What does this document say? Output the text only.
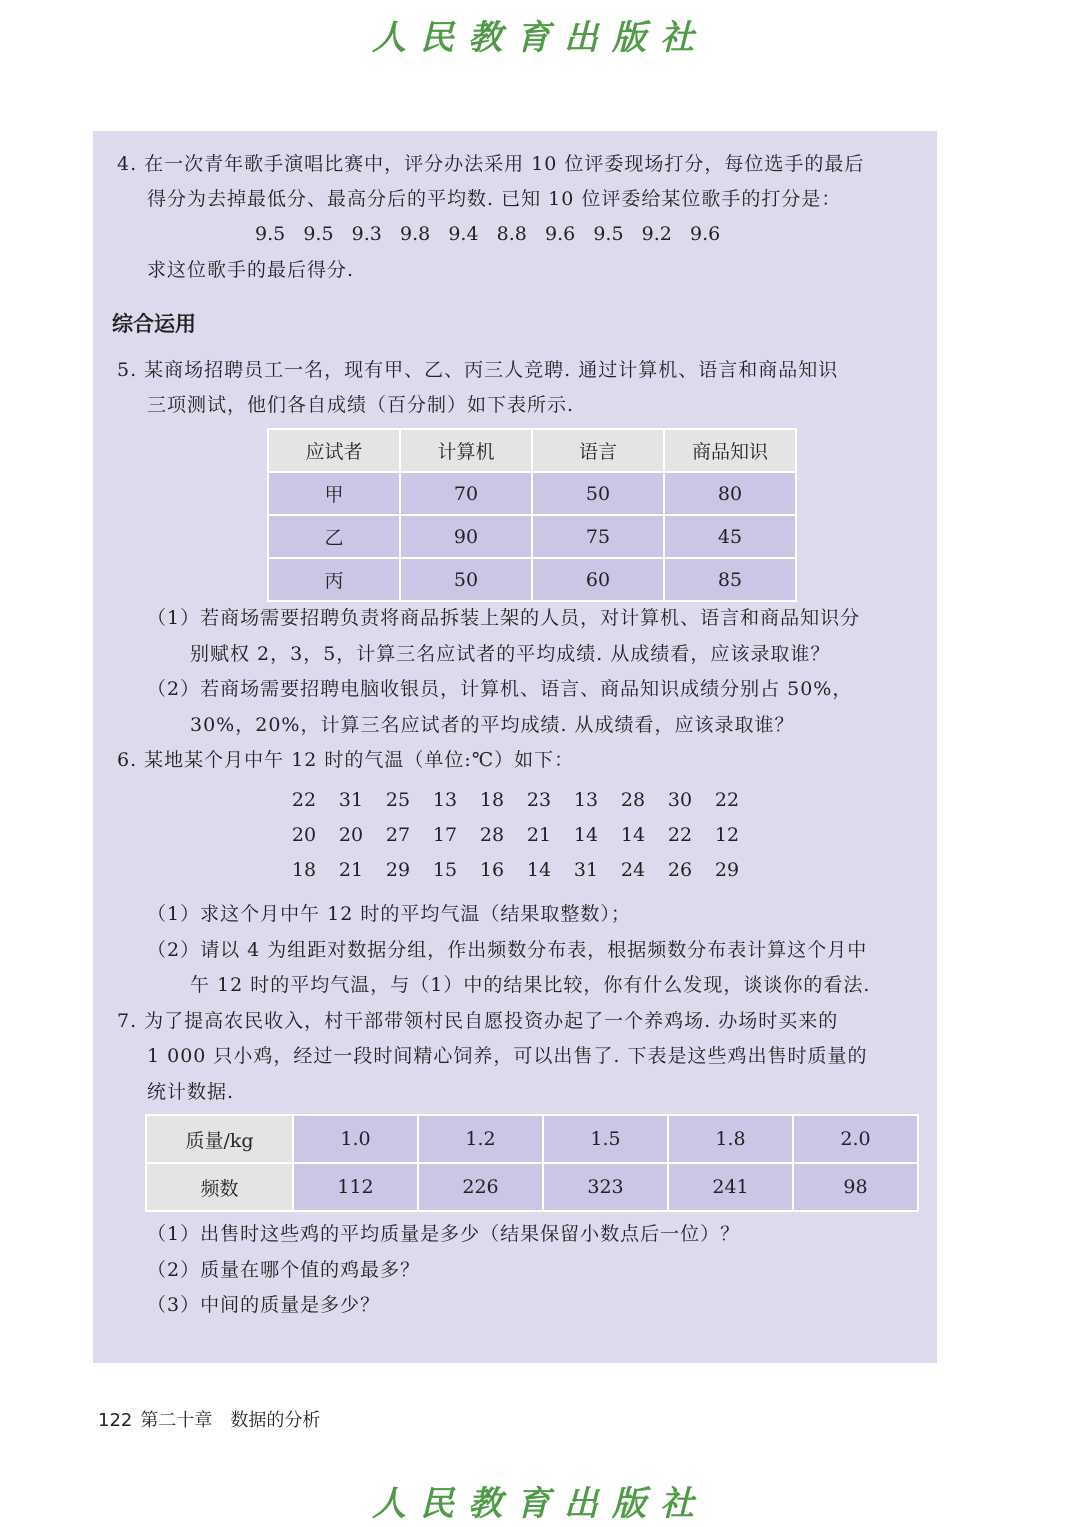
人民教育出版社
4. 在一次青年歌手演唱比赛中，评分办法采用 10 位评委现场打分，每位选手的最后
得分为去掉最低分、最高分后的平均数. 已知 10 位评委给某位歌手的打分是：
9.5   9.5   9.3   9.8   9.4   8.8   9.6   9.5   9.2   9.6
求这位歌手的最后得分.
综合运用
5. 某商场招聘员工一名，现有甲、乙、丙三人竞聘. 通过计算机、语言和商品知识
三项测试，他们各自成绩（百分制）如下表所示.
应试者	计算机	语言	商品知识
甲	70	50	80
乙	90	75	45
丙	50	60	85
（1）若商场需要招聘负责将商品拆装上架的人员，对计算机、语言和商品知识分
别赋权 2，3，5，计算三名应试者的平均成绩. 从成绩看，应该录取谁？
（2）若商场需要招聘电脑收银员，计算机、语言、商品知识成绩分别占 50%，
30%，20%，计算三名应试者的平均成绩. 从成绩看，应该录取谁？
6. 某地某个月中午 12 时的气温（单位:℃）如下：
22	31	25	13	18	23	13	28	30	22
20	20	27	17	28	21	14	14	22	12
18	21	29	15	16	14	31	24	26	29
（1）求这个月中午 12 时的平均气温（结果取整数）；
（2）请以 4 为组距对数据分组，作出频数分布表，根据频数分布表计算这个月中
午 12 时的平均气温，与（1）中的结果比较，你有什么发现，谈谈你的看法.
7. 为了提高农民收入，村干部带领村民自愿投资办起了一个养鸡场. 办场时买来的
1 000 只小鸡，经过一段时间精心饲养，可以出售了. 下表是这些鸡出售时质量的
统计数据.
质量/kg	1.0	1.2	1.5	1.8	2.0
频数	112	226	323	241	98
（1）出售时这些鸡的平均质量是多少（结果保留小数点后一位）？
（2）质量在哪个值的鸡最多？
（3）中间的质量是多少？
122 第二十章　数据的分析
人民教育出版社
